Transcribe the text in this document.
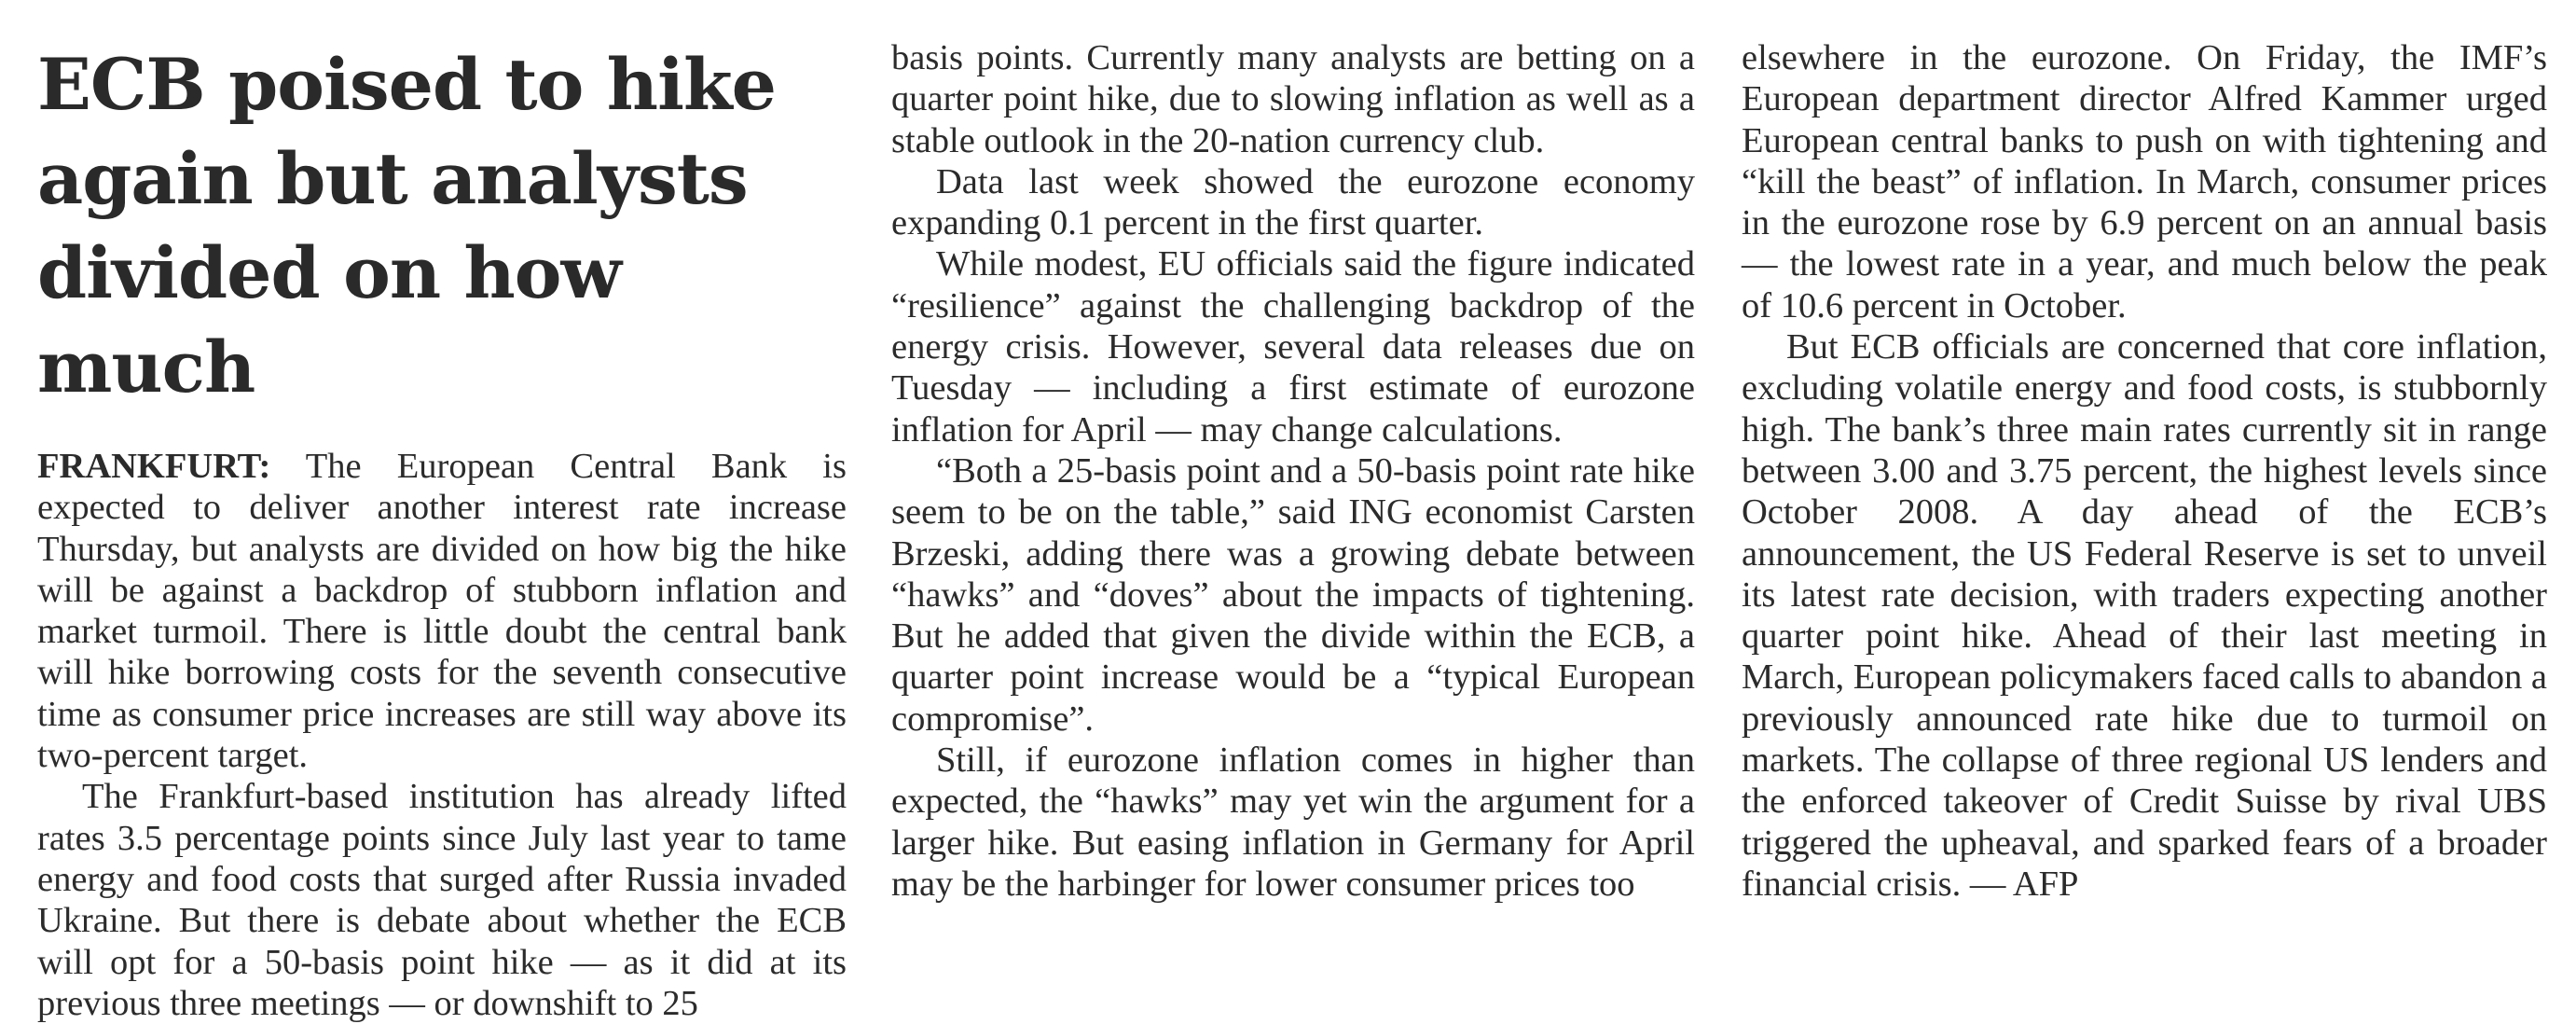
ECB poised to hike
again but analysts
divided on how much

FRANKFURT: The European Central Bank is expected to deliver another interest rate increase Thursday, but analysts are divided on how big the hike will be against a backdrop of stubborn inflation and market turmoil. There is little doubt the central bank will hike borrowing costs for the seventh consecutive time as consumer price increases are still way above its two-percent target.

The Frankfurt-based institution has already lifted rates 3.5 percentage points since July last year to tame energy and food costs that surged after Russia invaded Ukraine. But there is debate about whether the ECB will opt for a 50-basis point hike — as it did at its previous three meetings — or downshift to 25

basis points. Currently many analysts are betting on a quarter point hike, due to slowing inflation as well as a stable outlook in the 20-nation currency club.

Data last week showed the eurozone economy expanding 0.1 percent in the first quarter.

While modest, EU officials said the figure indicated “resilience” against the challenging backdrop of the energy crisis. However, several data releases due on Tuesday — including a first estimate of eurozone inflation for April — may change calculations.

“Both a 25-basis point and a 50-basis point rate hike seem to be on the table,” said ING economist Carsten Brzeski, adding there was a growing debate between “hawks” and “doves” about the impacts of tightening. But he added that given the divide within the ECB, a quarter point increase would be a “typical European compromise”.

Still, if eurozone inflation comes in higher than expected, the “hawks” may yet win the argument for a larger hike. But easing inflation in Germany for April may be the harbinger for lower consumer prices too

elsewhere in the eurozone. On Friday, the IMF’s European department director Alfred Kammer urged European central banks to push on with tightening and “kill the beast” of inflation. In March, consumer prices in the eurozone rose by 6.9 percent on an annual basis — the lowest rate in a year, and much below the peak of 10.6 percent in October.

But ECB officials are concerned that core inflation, excluding volatile energy and food costs, is stubbornly high. The bank’s three main rates currently sit in range between 3.00 and 3.75 percent, the highest levels since October 2008. A day ahead of the ECB’s announcement, the US Federal Reserve is set to unveil its latest rate decision, with traders expecting another quarter point hike. Ahead of their last meeting in March, European policymakers faced calls to abandon a previously announced rate hike due to turmoil on markets. The collapse of three regional US lenders and the enforced takeover of Credit Suisse by rival UBS triggered the upheaval, and sparked fears of a broader financial crisis. — AFP
